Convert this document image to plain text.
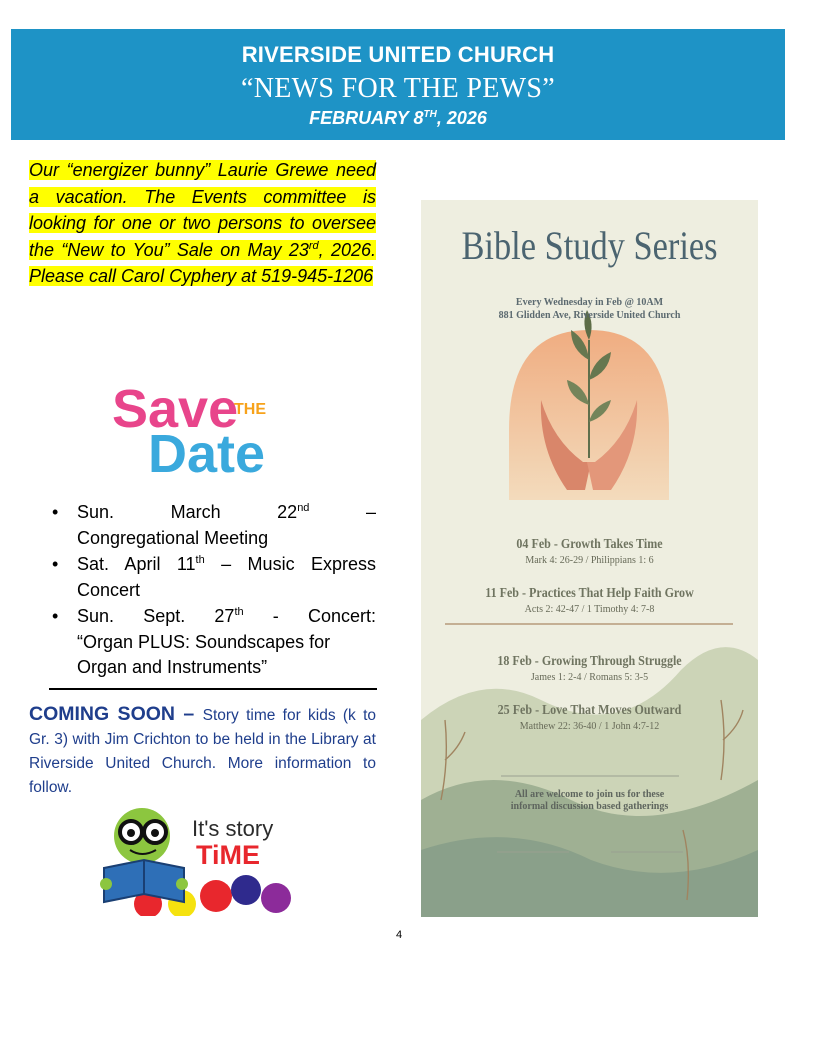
RIVERSIDE UNITED CHURCH
“NEWS FOR THE PEWS”
FEBRUARY 8TH, 2026
Our “energizer bunny” Laurie Grewe need a vacation. The Events committee is looking for one or two persons to oversee the “New to You” Sale on May 23rd, 2026. Please call Carol Cyphery at 519-945-1206
Save
THE
Date
• Sun. March 22nd –
Congregational Meeting
• Sat. April 11th – Music Express
Concert
• Sun. Sept. 27th - Concert:
“Organ PLUS: Soundscapes for Organ and Instruments”
COMING SOON – Story time for kids (k to Gr. 3) with Jim Crichton to be held in the Library at Riverside United Church. More information to follow.
It's story
TiME
Bible Study Series
Every Wednesday in Feb @ 10AM
881 Glidden Ave, Riverside United Church
04 Feb - Growth Takes Time
Mark 4: 26-29 / Philippians 1: 6
11 Feb - Practices That Help Faith Grow
Acts 2: 42-47 / 1 Timothy 4: 7-8
18 Feb - Growing Through Struggle
James 1: 2-4 / Romans 5: 3-5
25 Feb - Love That Moves Outward
Matthew 22: 36-40 / 1 John 4:7-12
All are welcome to join us for these
informal discussion based gatherings
4
